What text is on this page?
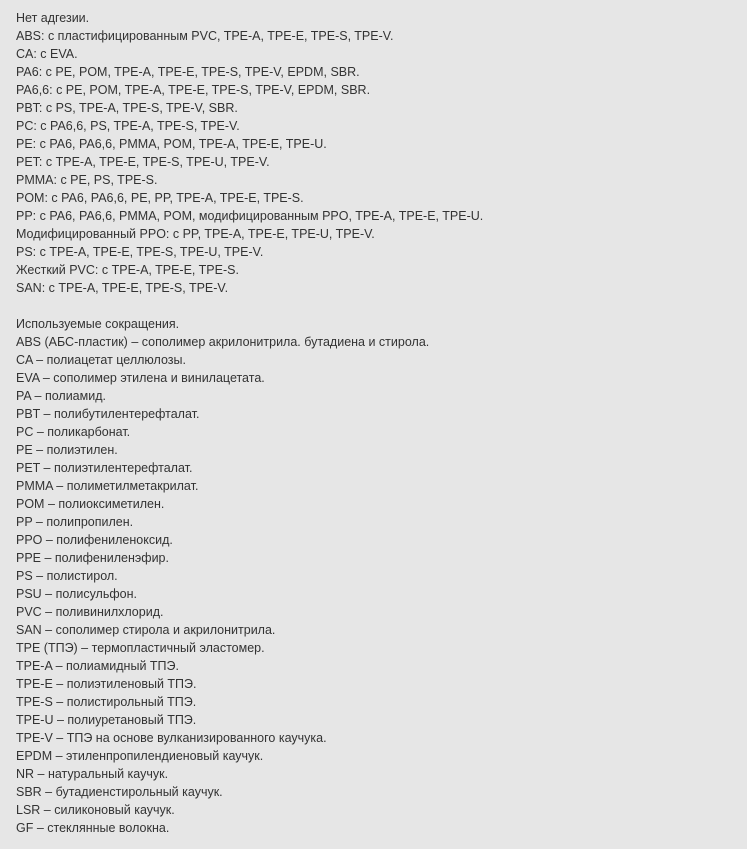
Нет адгезии.
ABS: с пластифицированным PVC, TPE-A, TPE-E, TPE-S, TPE-V.
CA: с EVA.
PA6: с PE, POM, TPE-A, TPE-E, TPE-S, TPE-V, EPDM, SBR.
PA6,6: с PE, POM, TPE-A, TPE-E, TPE-S, TPE-V, EPDM, SBR.
PBT: с PS, TPE-A, TPE-S, TPE-V, SBR.
PC: с PA6,6, PS, TPE-A, TPE-S, TPE-V.
PE: с PA6, PA6,6, PMMA, POM, TPE-A, TPE-E, TPE-U.
PET: с TPE-A, TPE-E, TPE-S, TPE-U, TPE-V.
PMMA: с PE, PS, TPE-S.
POM: с PA6, PA6,6, PE, PP, TPE-A, TPE-E, TPE-S.
PP: с PA6, PA6,6, PMMA, POM, модифицированным PPO, TPE-A, TPE-E, TPE-U.
Модифицированный PPO: с PP, TPE-A, TPE-E, TPE-U, TPE-V.
PS: с TPE-A, TPE-E, TPE-S, TPE-U, TPE-V.
Жесткий PVC: с TPE-A, TPE-E, TPE-S.
SAN: с TPE-A, TPE-E, TPE-S, TPE-V.
Используемые сокращения.
ABS (АБС-пластик) – сополимер акрилонитрила. бутадиена и стирола.
CA – полиацетат целлюлозы.
EVA – сополимер этилена и винилацетата.
PA – полиамид.
PBT – полибутилентерефталат.
PC – поликарбонат.
PE – полиэтилен.
PET – полиэтилентерефталат.
PMMA – полиметилметакрилат.
POM – полиоксиметилен.
PP – полипропилен.
PPO – полифениленоксид.
PPE – полифениленэфир.
PS – полистирол.
PSU – полисульфон.
PVC – поливинилхлорид.
SAN – сополимер стирола и акрилонитрила.
TPE (ТПЭ) – термопластичный эластомер.
TPE-A – полиамидный ТПЭ.
TPE-E – полиэтиленовый ТПЭ.
TPE-S – полистирольный ТПЭ.
TPE-U – полиуретановый ТПЭ.
TPE-V – ТПЭ на основе вулканизированного каучука.
EPDM – этиленпропилендиеновый каучук.
NR – натуральный каучук.
SBR – бутадиенстирольный каучук.
LSR – силиконовый каучук.
GF – стеклянные волокна.
